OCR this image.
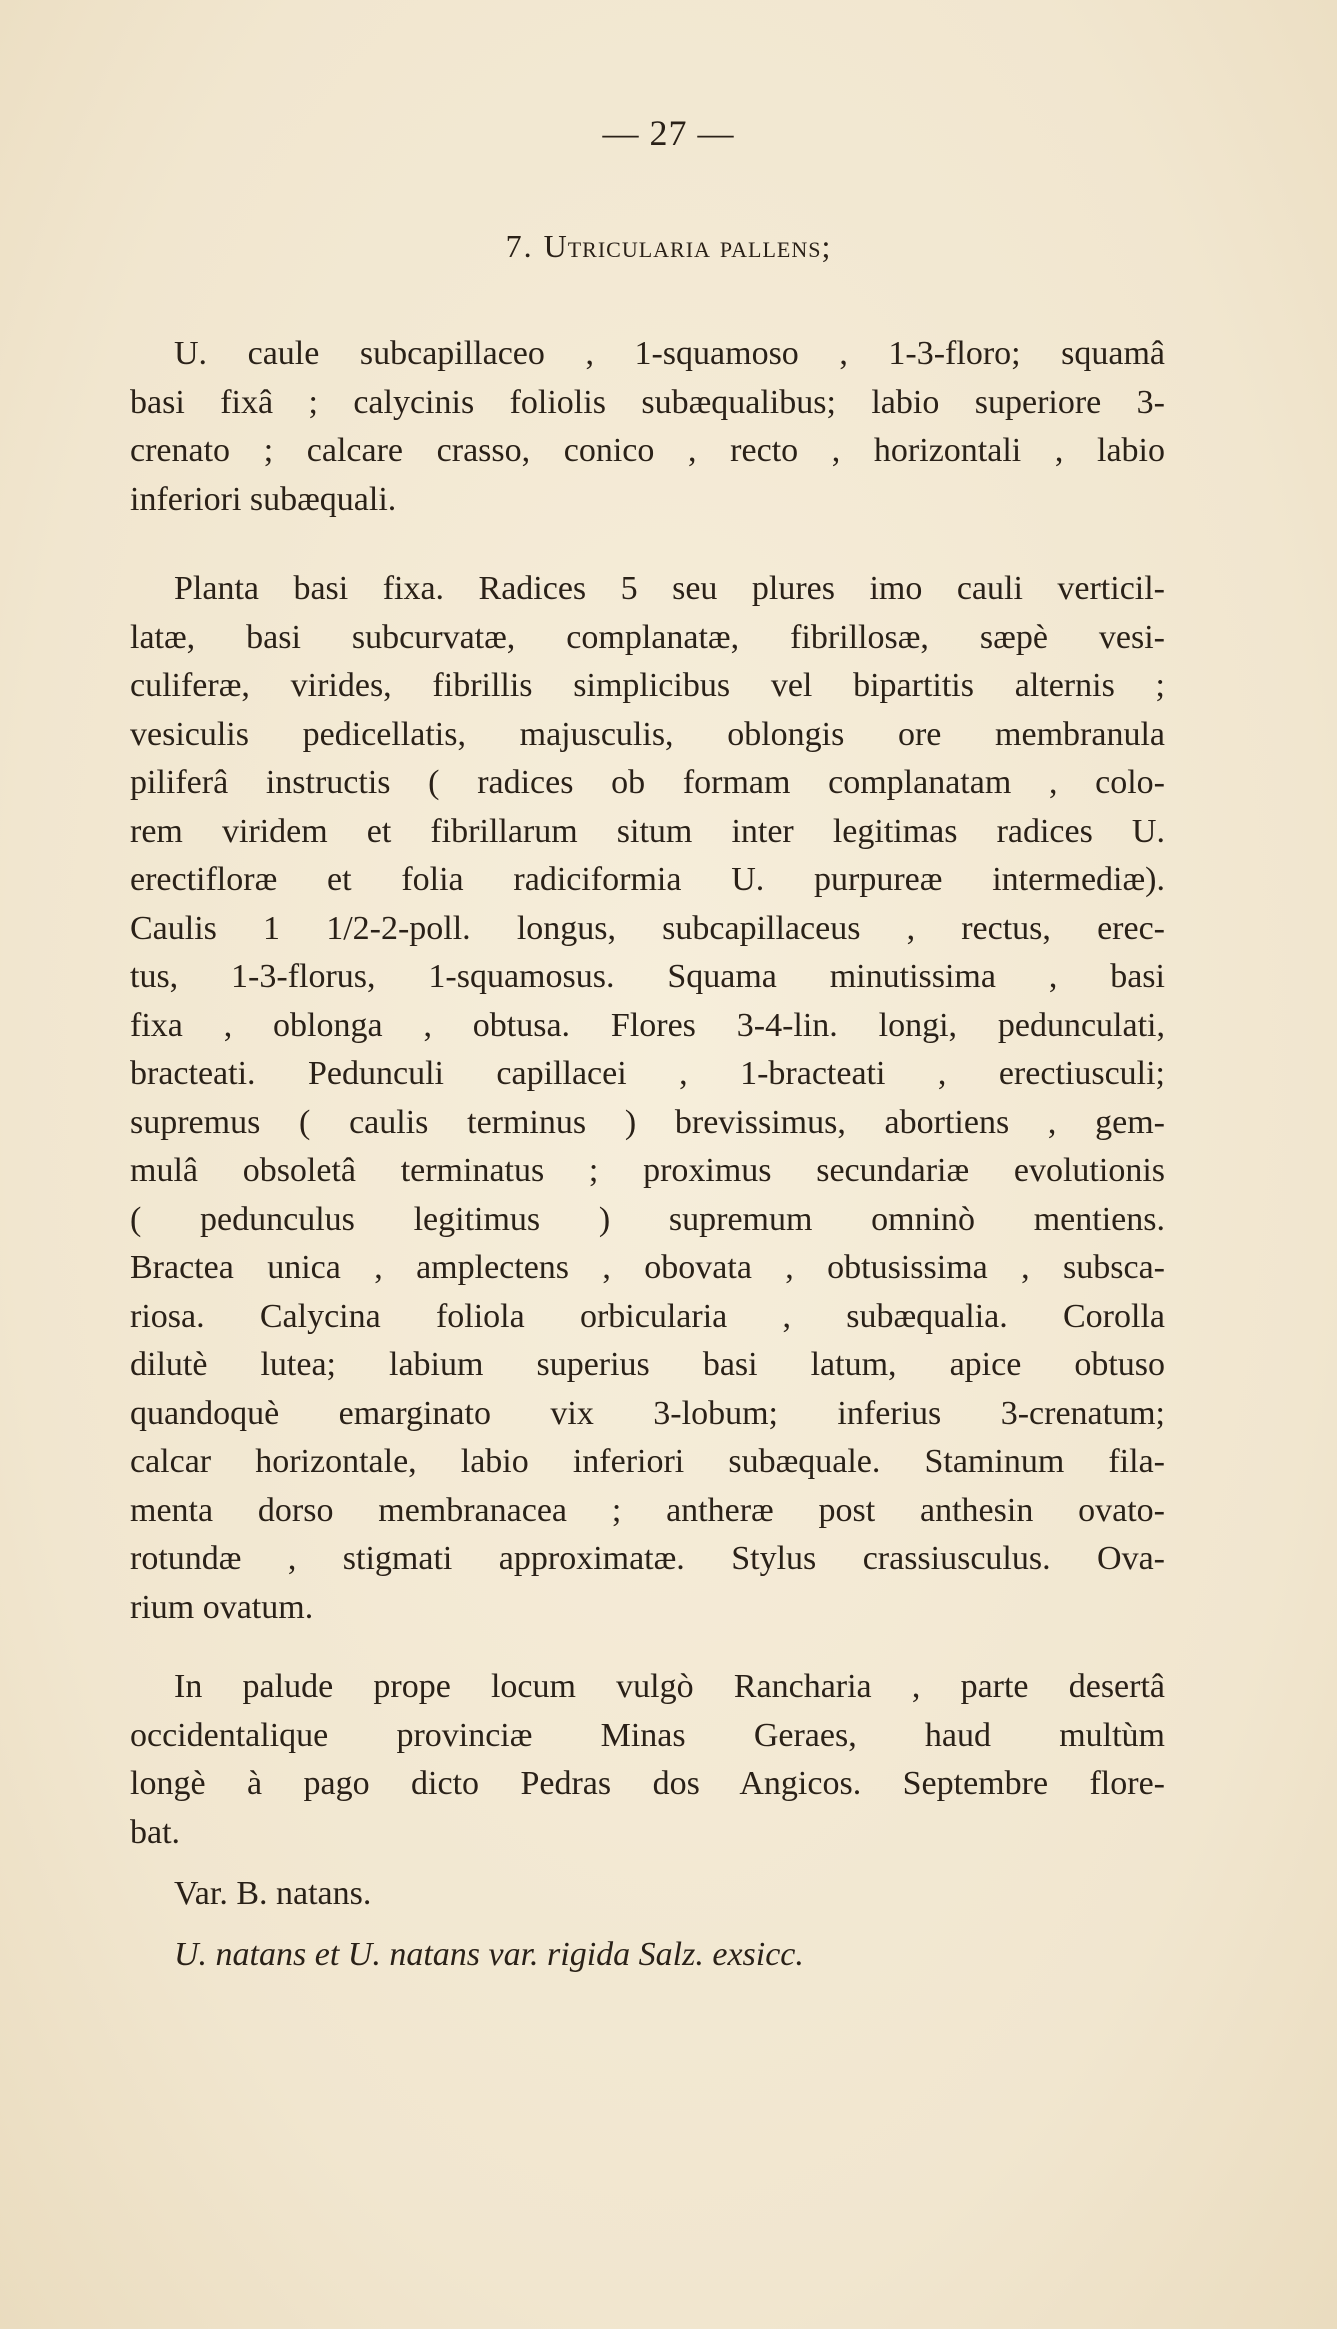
— 27 —
7. Utricularia pallens;
U. caule subcapillaceo , 1-squamoso , 1-3-floro; squamâ
basi fixâ ; calycinis foliolis subæqualibus; labio superiore 3-
crenato ; calcare crasso, conico , recto , horizontali , labio
inferiori subæquali.
Planta basi fixa. Radices 5 seu plures imo cauli verticil-
latæ, basi subcurvatæ, complanatæ, fibrillosæ, sæpè vesi-
culiferæ, virides, fibrillis simplicibus vel bipartitis alternis ;
vesiculis pedicellatis, majusculis, oblongis ore membranula
piliferâ instructis ( radices ob formam complanatam , colo-
rem viridem et fibrillarum situm inter legitimas radices U.
erectifloræ et folia radiciformia U. purpureæ intermediæ).
Caulis 1 1/2-2-poll. longus, subcapillaceus , rectus, erec-
tus, 1-3-florus, 1-squamosus. Squama minutissima , basi
fixa , oblonga , obtusa. Flores 3-4-lin. longi, pedunculati,
bracteati. Pedunculi capillacei , 1-bracteati , erectiusculi;
supremus ( caulis terminus ) brevissimus, abortiens , gem-
mulâ obsoletâ terminatus ; proximus secundariæ evolutionis
( pedunculus legitimus ) supremum omninò mentiens.
Bractea unica , amplectens , obovata , obtusissima , subsca-
riosa. Calycina foliola orbicularia , subæqualia. Corolla
dilutè lutea; labium superius basi latum, apice obtuso
quandoquè emarginato vix 3-lobum; inferius 3-crenatum;
calcar horizontale, labio inferiori subæquale. Staminum fila-
menta dorso membranacea ; antheræ post anthesin ovato-
rotundæ , stigmati approximatæ. Stylus crassiusculus. Ova-
rium ovatum.
In palude prope locum vulgò Rancharia , parte desertâ
occidentalique provinciæ Minas Geraes, haud multùm
longè à pago dicto Pedras dos Angicos. Septembre flore-
bat.
Var. B. natans.
U. natans et U. natans var. rigida Salz. exsicc.
